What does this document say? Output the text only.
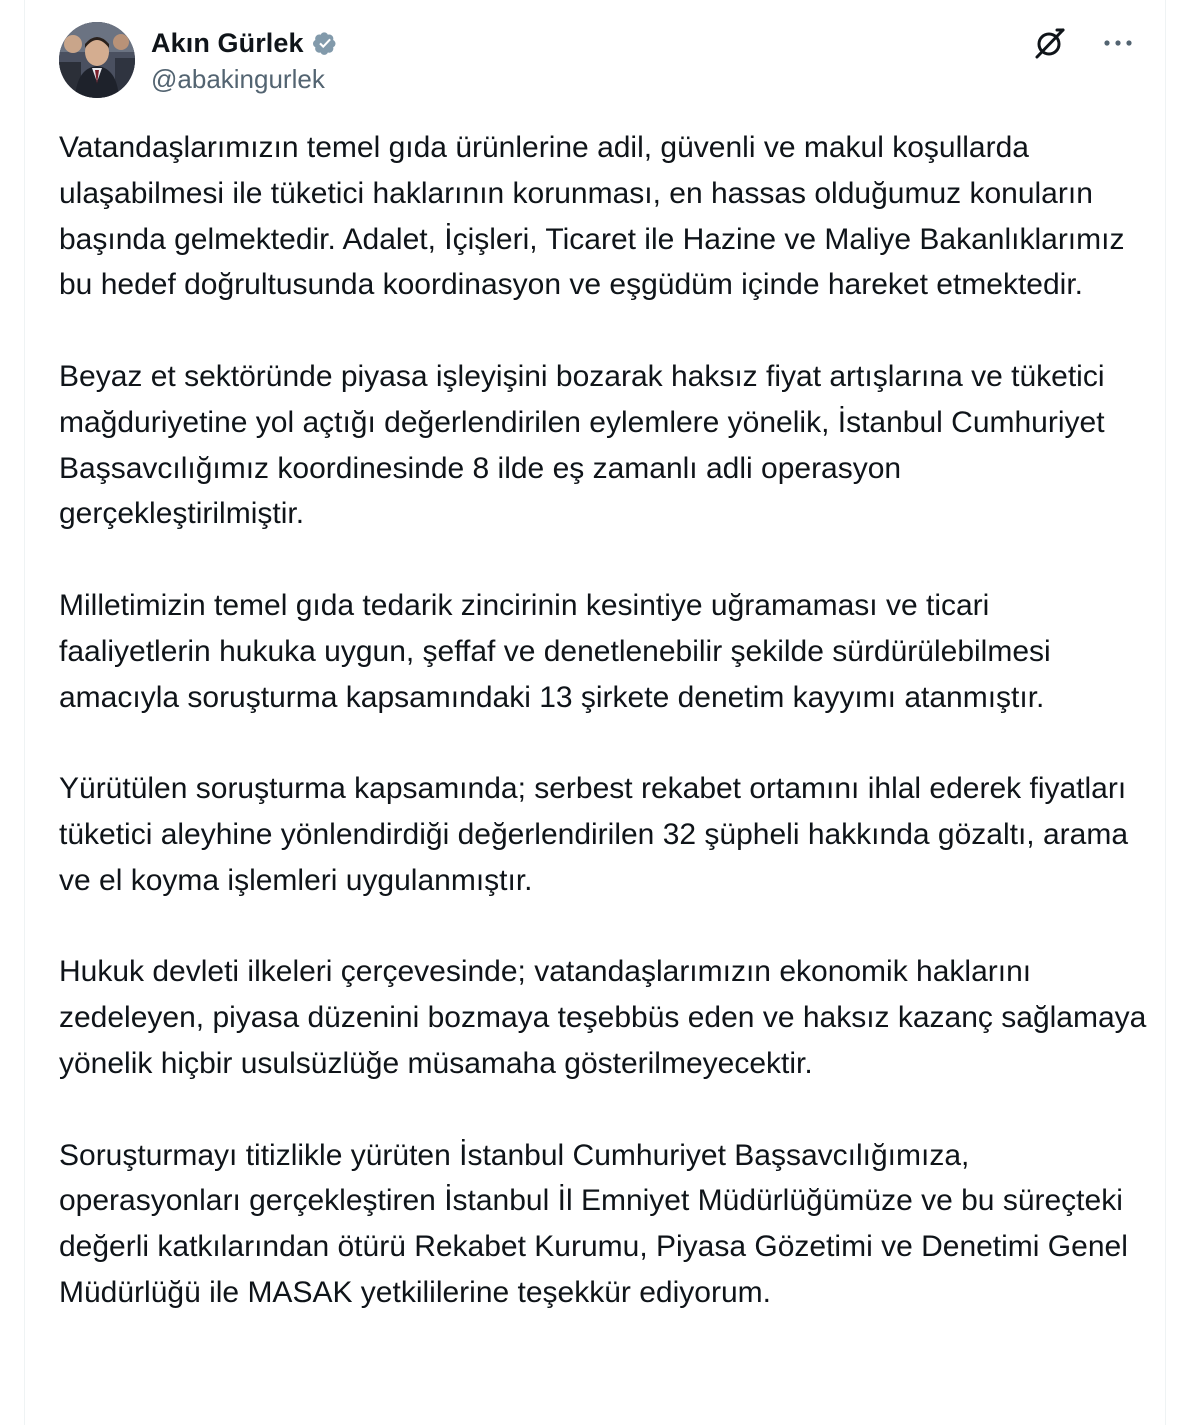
Akın Gürlek
@abakingurlek

Vatandaşlarımızın temel gıda ürünlerine adil, güvenli ve makul koşullarda ulaşabilmesi ile tüketici haklarının korunması, en hassas olduğumuz konuların başında gelmektedir. Adalet, İçişleri, Ticaret ile Hazine ve Maliye Bakanlıklarımız bu hedef doğrultusunda koordinasyon ve eşgüdüm içinde hareket etmektedir.

Beyaz et sektöründe piyasa işleyişini bozarak haksız fiyat artışlarına ve tüketici mağduriyetine yol açtığı değerlendirilen eylemlere yönelik, İstanbul Cumhuriyet Başsavcılığımız koordinesinde 8 ilde eş zamanlı adli operasyon gerçekleştirilmiştir.

Milletimizin temel gıda tedarik zincirinin kesintiye uğramaması ve ticari faaliyetlerin hukuka uygun, şeffaf ve denetlenebilir şekilde sürdürülebilmesi amacıyla soruşturma kapsamındaki 13 şirkete denetim kayyımı atanmıştır.

Yürütülen soruşturma kapsamında; serbest rekabet ortamını ihlal ederek fiyatları tüketici aleyhine yönlendirdiği değerlendirilen 32 şüpheli hakkında gözaltı, arama ve el koyma işlemleri uygulanmıştır.

Hukuk devleti ilkeleri çerçevesinde; vatandaşlarımızın ekonomik haklarını zedeleyen, piyasa düzenini bozmaya teşebbüs eden ve haksız kazanç sağlamaya yönelik hiçbir usulsüzlüğe müsamaha gösterilmeyecektir.

Soruşturmayı titizlikle yürüten İstanbul Cumhuriyet Başsavcılığımıza, operasyonları gerçekleştiren İstanbul İl Emniyet Müdürlüğümüze ve bu süreçteki değerli katkılarından ötürü Rekabet Kurumu, Piyasa Gözetimi ve Denetimi Genel Müdürlüğü ile MASAK yetkililerine teşekkür ediyorum.
